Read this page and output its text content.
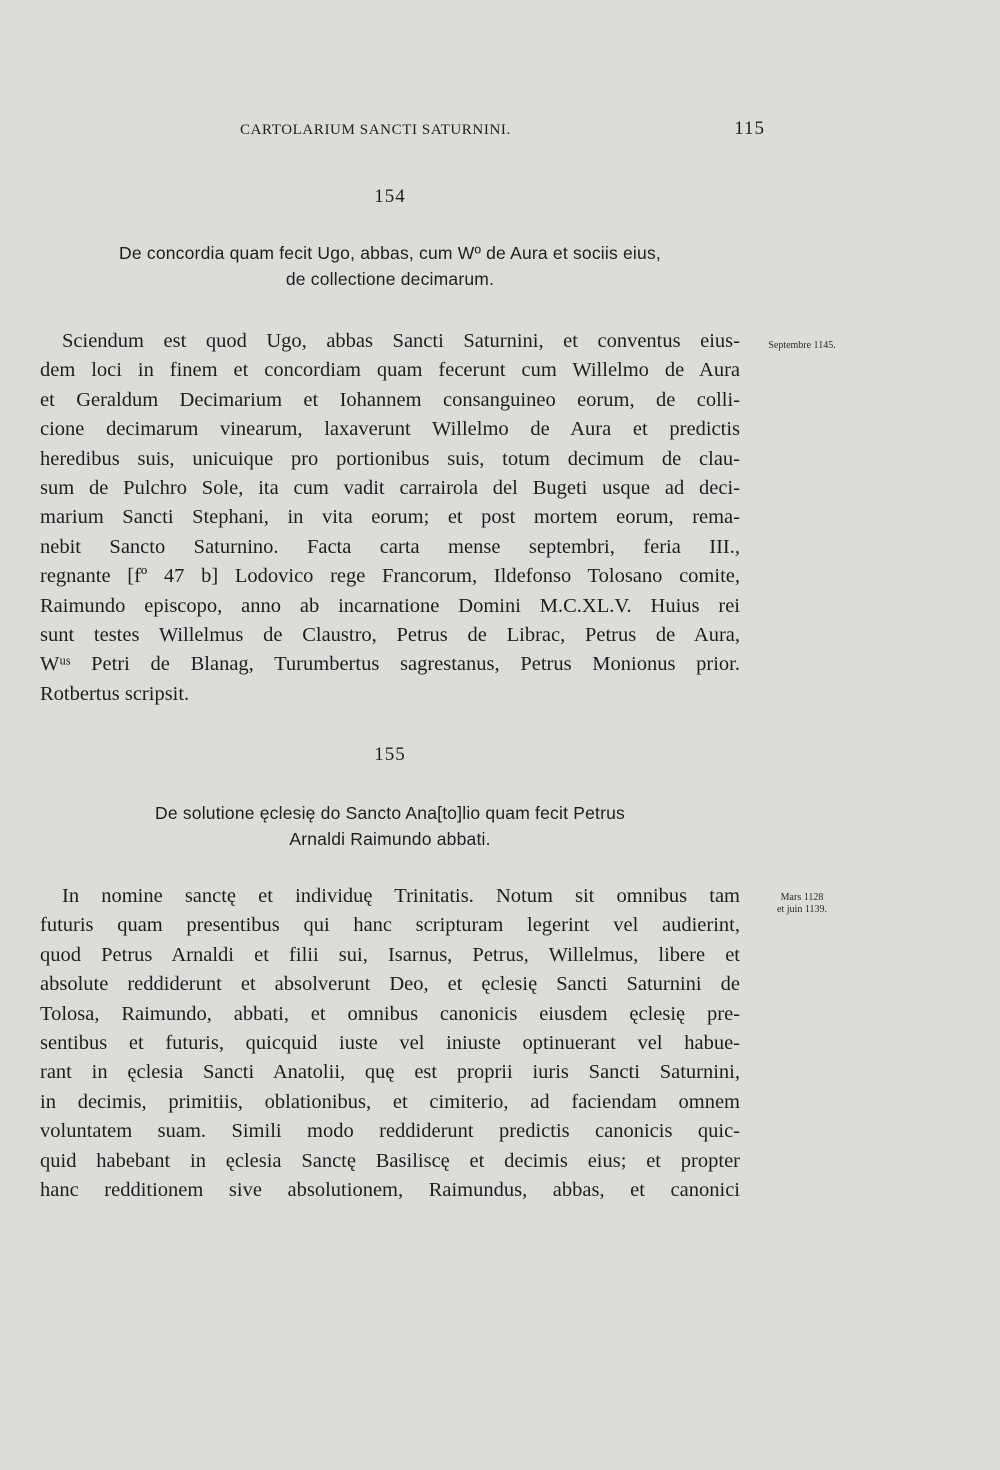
CARTOLARIUM SANCTI SATURNINI.	115
154
De concordia quam fecit Ugo, abbas, cum Wº de Aura et sociis eius,
de collectione decimarum.
Septembre 1145.
Sciendum est quod Ugo, abbas Sancti Saturnini, et conventus eius-
dem loci in finem et concordiam quam fecerunt cum Willelmo de Aura
et Geraldum Decimarium et Iohannem consanguineo eorum, de colli-
cione decimarum vinearum, laxaverunt Willelmo de Aura et predictis
heredibus suis, unicuique pro portionibus suis, totum decimum de clau-
sum de Pulchro Sole, ita cum vadit carrairola del Bugeti usque ad deci-
marium Sancti Stephani, in vita eorum; et post mortem eorum, rema-
nebit Sancto Saturnino. Facta carta mense septembri, feria III.,
regnante [fº 47 b] Lodovico rege Francorum, Ildefonso Tolosano comite,
Raimundo episcopo, anno ab incarnatione Domini M.C.XL.V. Huius rei
sunt testes Willelmus de Claustro, Petrus de Librac, Petrus de Aura,
Wᵘˢ Petri de Blanag, Turumbertus sagrestanus, Petrus Monionus prior.
Rotbertus scripsit.
155
De solutione ęclesię do Sancto Ana[to]lio quam fecit Petrus
Arnaldi Raimundo abbati.
Mars 1128
et juin 1139.
In nomine sanctę et individuę Trinitatis. Notum sit omnibus tam
futuris quam presentibus qui hanc scripturam legerint vel audierint,
quod Petrus Arnaldi et filii sui, Isarnus, Petrus, Willelmus, libere et
absolute reddiderunt et absolverunt Deo, et ęclesię Sancti Saturnini de
Tolosa, Raimundo, abbati, et omnibus canonicis eiusdem ęclesię pre-
sentibus et futuris, quicquid iuste vel iniuste optinuerant vel habue-
rant in ęclesia Sancti Anatolii, quę est proprii iuris Sancti Saturnini,
in decimis, primitiis, oblationibus, et cimiterio, ad faciendam omnem
voluntatem suam. Simili modo reddiderunt predictis canonicis quic-
quid habebant in ęclesia Sanctę Basiliscę et decimis eius; et propter
hanc redditionem sive absolutionem, Raimundus, abbas, et canonici
